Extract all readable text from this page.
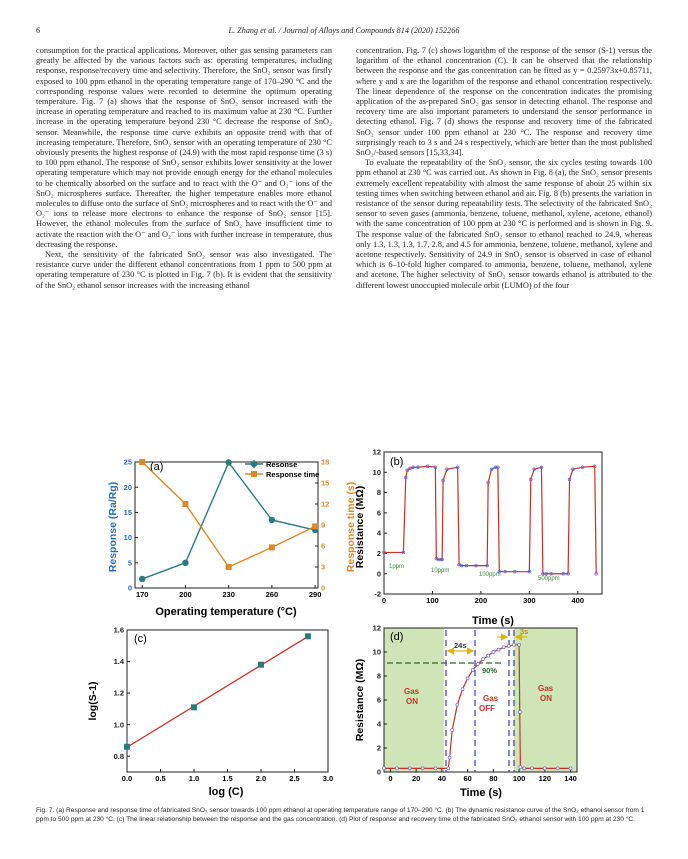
6	L. Zhang et al. / Journal of Alloys and Compounds 814 (2020) 152266

consumption for the practical applications. Moreover, other gas sensing parameters can greatly be affected by the various factors such as: operating temperatures, including response, response/recovery time and selectivity. Therefore, the SnO₂ sensor was firstly exposed to 100 ppm ethanol in the operating temperature range of 170–290 °C and the corresponding response values were recorded to determine the optimum operating temperature. Fig. 7 (a) shows that the response of SnO₂ sensor increased with the increase in operating temperature and reached to its maximum value at 230 °C. Further increase in the operating temperature beyond 230 °C decrease the response of SnO₂ sensor. Meanwhile, the response time curve exhibits an opposite trend with that of increasing temperature. Therefore, SnO₂ sensor with an operating temperature of 230 °C obviously presents the highest response of (24.9) with the most rapid response time (3 s) to 100 ppm ethanol. The response of SnO₂ sensor exhibits lower sensitivity at the lower operating temperature which may not provide enough energy for the ethanol molecules to be chemically absorbed on the surface and to react with the O⁻ and O₂⁻ ions of the SnO₂ microspheres surface. Thereafter, the higher temperature enables more ethanol molecules to diffuse onto the surface of SnO₂ microspheres and to react with the O⁻ and O₂⁻ ions to release more electrons to enhance the response of SnO₂ sensor [15]. However, the ethanol molecules from the surface of SnO₂ have insufficient time to activate the reaction with the O⁻ and O₂⁻ ions with further increase in temperature, thus decreasing the response.

Next, the sensitivity of the fabricated SnO₂ sensor was also investigated. The resistance curve under the different ethanol concentrations from 1 ppm to 500 ppm at operating temperature of 230 °C is plotted in Fig. 7 (b). It is evident that the sensitivity of the SnO₂ ethanol sensor increases with the increasing ethanol

concentration. Fig. 7 (c) shows logarithm of the response of the sensor (S-1) versus the logarithm of the ethanol concentration (C). It can be observed that the relationship between the response and the gas concentration can be fitted as y = 0.25973x+0.85711, where y and x are the logarithm of the response and ethanol concentration respectively. The linear dependence of the response on the concentration indicates the promising application of the as-prepared SnO₂ gas sensor in detecting ethanol. The response and recovery time are also important parameters to understand the sensor performance in detecting ethanol. Fig. 7 (d) shows the response and recovery time of the fabricated SnO₂ sensor under 100 ppm ethanol at 230 °C. The response and recovery time surprisingly reach to 3 s and 24 s respectively, which are better than the most published SnO₂/-based sensors [15,33,34].

To evaluate the repeatability of the SnO₂ sensor, the six cycles testing towards 100 ppm ethanol at 230 °C was carried out. As shown in Fig. 8 (a), the SnO₂ sensor presents extremely excellent repeatability with almost the same response of about 25 within six testing times when switching between ethanol and air. Fig. 8 (b) presents the variation in resistance of the sensor during repeatability tests. The selectivity of the fabricated SnO₂ sensor to seven gases (ammonia, benzene, toluene, methanol, xylene, acetone, ethanol) with the same concentration of 100 ppm at 230 °C is performed and is shown in Fig. 9. The response value of the fabricated SnO₂ sensor to ethanol reached to 24.9, whereas only 1.3, 1.3, 1.3, 1.7, 2.8, and 4.5 for ammonia, benzene, toluene, methanol, xylene and acetone respectively. Sensitivity of 24.9 in SnO₂ sensor is observed in case of ethanol which is 6–10-fold higher compared to ammonia, benzene, toluene, methanol, xylene and acetone. The higher selectivity of SnO₂ sensor towards ethanol is attributed to the different lowest unoccupied molecule orbit (LUMO) of the four

(a)
170	200	230	260	290
0
5
10
15
20
25
0
3
6
9
12
15
18
Resonse
Response time
Response (Ra/Rg)	Response time (s)
Operating temperature (°C)
(b)
0	100	200	300	400
-2
0
2
4
6
8
10
12
1ppm
10ppm
100ppm
500ppm
Resistance (MΩ)
Time (s)
(c)
0.0	0.5	1.0	1.5	2.0	2.5	3.0
0.8
1.0
1.2
1.4
1.6
log(S-1)
log (C)
(d)
0	20 40 60 80 100 120 140
0
2
4
6
8
10
12
24s
3s
90%
Gas ON	Gas OFF
Gas ON
Resistance (MΩ)
Time (s)
Fig. 7. (a) Response and response time of fabricated SnO₂ sensor towards 100 ppm ethanol at operating temperature range of 170–290 °C. (b) The dynamic resistance curve of the SnO₂ ethanol sensor from 1 ppm to 500 ppm at 230 °C. (c) The linear relationship between the response and the gas concentration. (d) Plot of response and recovery time of the fabricated SnO₂ ethanol sensor with 100 ppm at 230 °C.
